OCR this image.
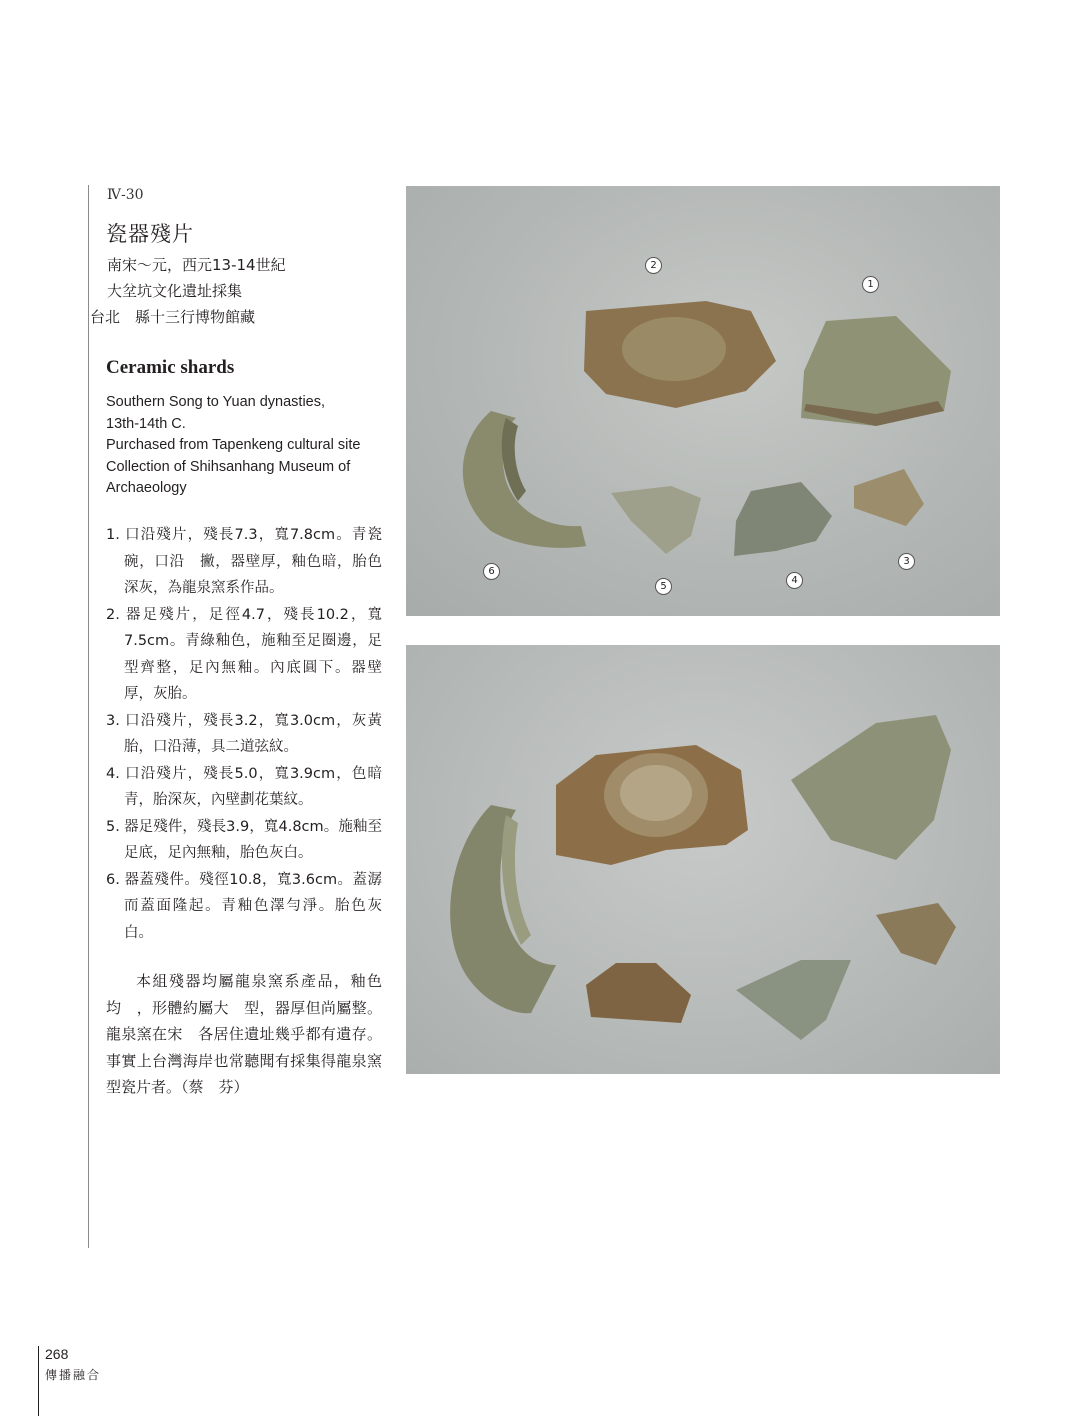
Ⅳ-30
瓷器殘片
南宋～元，西元13-14世紀
大坌坑文化遺址採集
台北　縣十三行博物館藏
Ceramic shards
Southern Song to Yuan dynasties,
13th-14th C.
Purchased from Tapenkeng cultural site
Collection of Shihsanhang Museum of Archaeology
1. 口沿殘片，殘長7.3，寬7.8cm。青瓷碗，口沿　撇，器壁厚，釉色暗，胎色深灰，為龍泉窯系作品。
2. 器足殘片，足徑4.7，殘長10.2，寬7.5cm。青綠釉色，施釉至足圈邊，足型齊整，足內無釉。內底圓下。器壁厚，灰胎。
3. 口沿殘片，殘長3.2，寬3.0cm，灰黃胎，口沿薄，具二道弦紋。
4. 口沿殘片，殘長5.0，寬3.9cm，色暗青，胎深灰，內壁劃花葉紋。
5. 器足殘件，殘長3.9，寬4.8cm。施釉至足底，足內無釉，胎色灰白。
6. 器蓋殘件。殘徑10.8，寬3.6cm。蓋潺　而蓋面隆起。青釉色澤勻淨。胎色灰白。
本組殘器均屬龍泉窯系產品，釉色均　，形體約屬大　型，器厚但尚屬整。龍泉窯在宋　各居住遺址幾乎都有遺存。事實上台灣海岸也常聽聞有採集得龍泉窯型瓷片者。（蔡　芬）
2
1
3
4
5
6
268
傳播融合
